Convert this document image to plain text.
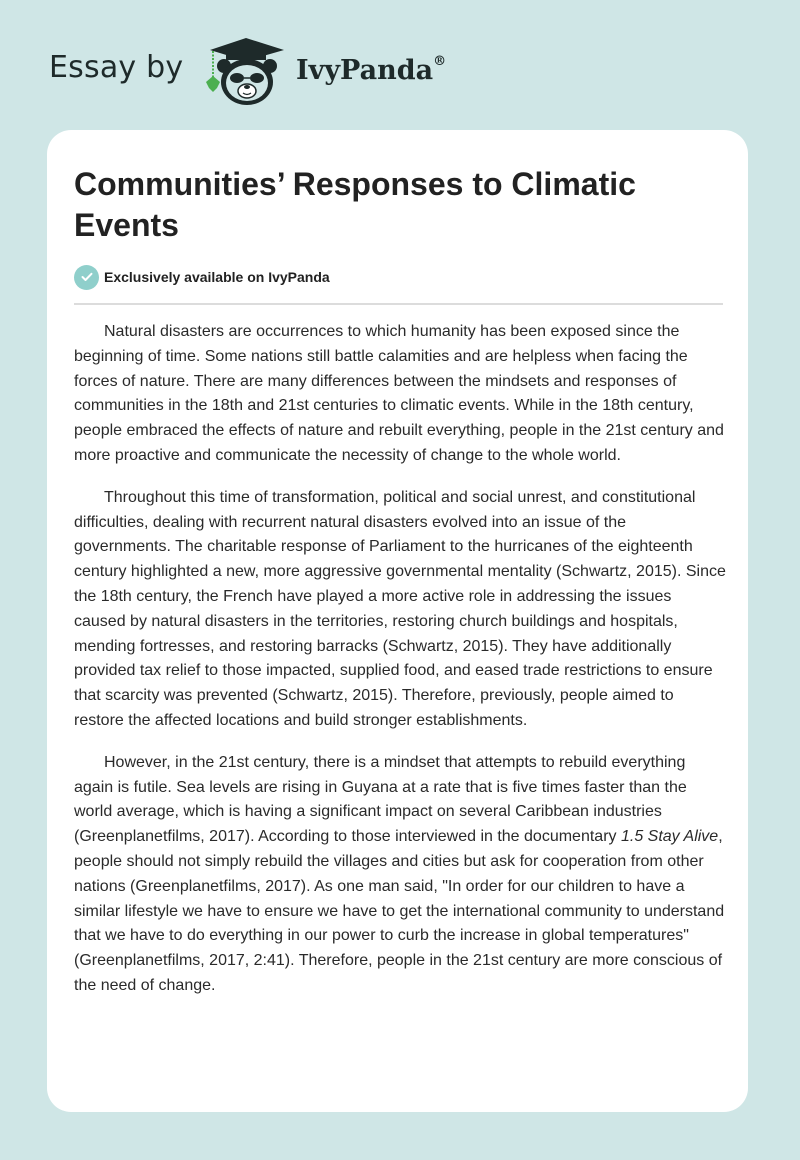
Essay by	IvyPanda®
Communities’ Responses to Climatic Events
Exclusively available on IvyPanda

Natural disasters are occurrences to which humanity has been exposed since the beginning of time. Some nations still battle calamities and are helpless when facing the forces of nature. There are many differences between the mindsets and responses of communities in the 18th and 21st centuries to climatic events. While in the 18th century, people embraced the effects of nature and rebuilt everything, people in the 21st century and more proactive and communicate the necessity of change to the whole world.

Throughout this time of transformation, political and social unrest, and constitutional difficulties, dealing with recurrent natural disasters evolved into an issue of the governments. The charitable response of Parliament to the hurricanes of the eighteenth century highlighted a new, more aggressive governmental mentality (Schwartz, 2015). Since the 18th century, the French have played a more active role in addressing the issues caused by natural disasters in the territories, restoring church buildings and hospitals, mending fortresses, and restoring barracks (Schwartz, 2015). They have additionally provided tax relief to those impacted, supplied food, and eased trade restrictions to ensure that scarcity was prevented (Schwartz, 2015). Therefore, previously, people aimed to restore the affected locations and build stronger establishments.

However, in the 21st century, there is a mindset that attempts to rebuild everything again is futile. Sea levels are rising in Guyana at a rate that is five times faster than the world average, which is having a significant impact on several Caribbean industries (Greenplanetfilms, 2017). According to those interviewed in the documentary 1.5 Stay Alive, people should not simply rebuild the villages and cities but ask for cooperation from other nations (Greenplanetfilms, 2017). As one man said, "In order for our children to have a similar lifestyle we have to ensure we have to get the international community to understand that we have to do everything in our power to curb the increase in global temperatures" (Greenplanetfilms, 2017, 2:41). Therefore, people in the 21st century are more conscious of the need of change.
